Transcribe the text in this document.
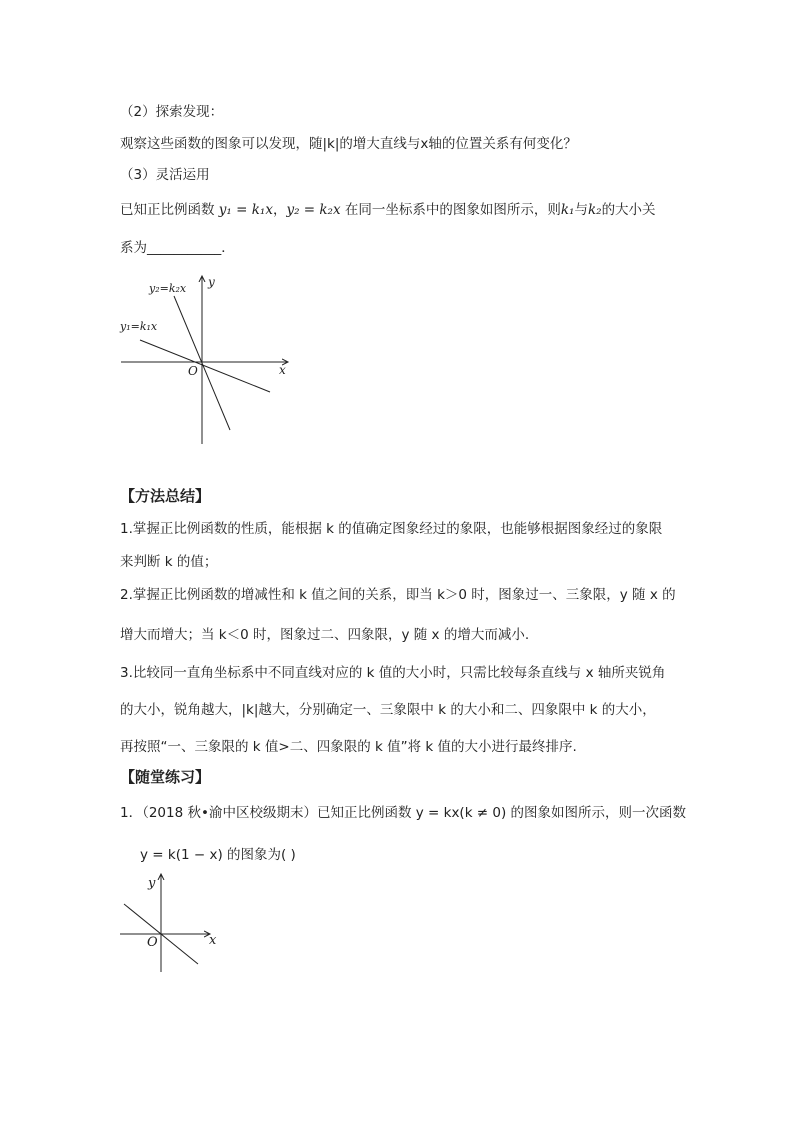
（2）探索发现：
观察这些函数的图象可以发现，随|k|的增大直线与x轴的位置关系有何变化？
（3）灵活运用
已知正比例函数 y₁ = k₁x，y₂ = k₂x 在同一坐标系中的图象如图所示，则k₁与k₂的大小关
系为___________．
y
x
O
y₂=k₂x
y₁=k₁x
【方法总结】
1.掌握正比例函数的性质，能根据 k 的值确定图象经过的象限，也能够根据图象经过的象限
来判断 k 的值；
2.掌握正比例函数的增减性和 k 值之间的关系，即当 k＞0 时，图象过一、三象限，y 随 x 的
增大而增大；当 k＜0 时，图象过二、四象限，y 随 x 的增大而减小.
3.比较同一直角坐标系中不同直线对应的 k 值的大小时，只需比较每条直线与 x 轴所夹锐角
的大小，锐角越大，|k|越大，分别确定一、三象限中 k 的大小和二、四象限中 k 的大小，
再按照“一、三象限的 k 值>二、四象限的 k 值”将 k 值的大小进行最终排序.
【随堂练习】
1．（2018 秋•渝中区校级期末）已知正比例函数 y = kx(k ≠ 0) 的图象如图所示，则一次函数
y = k(1 − x) 的图象为( )
y
x
O
